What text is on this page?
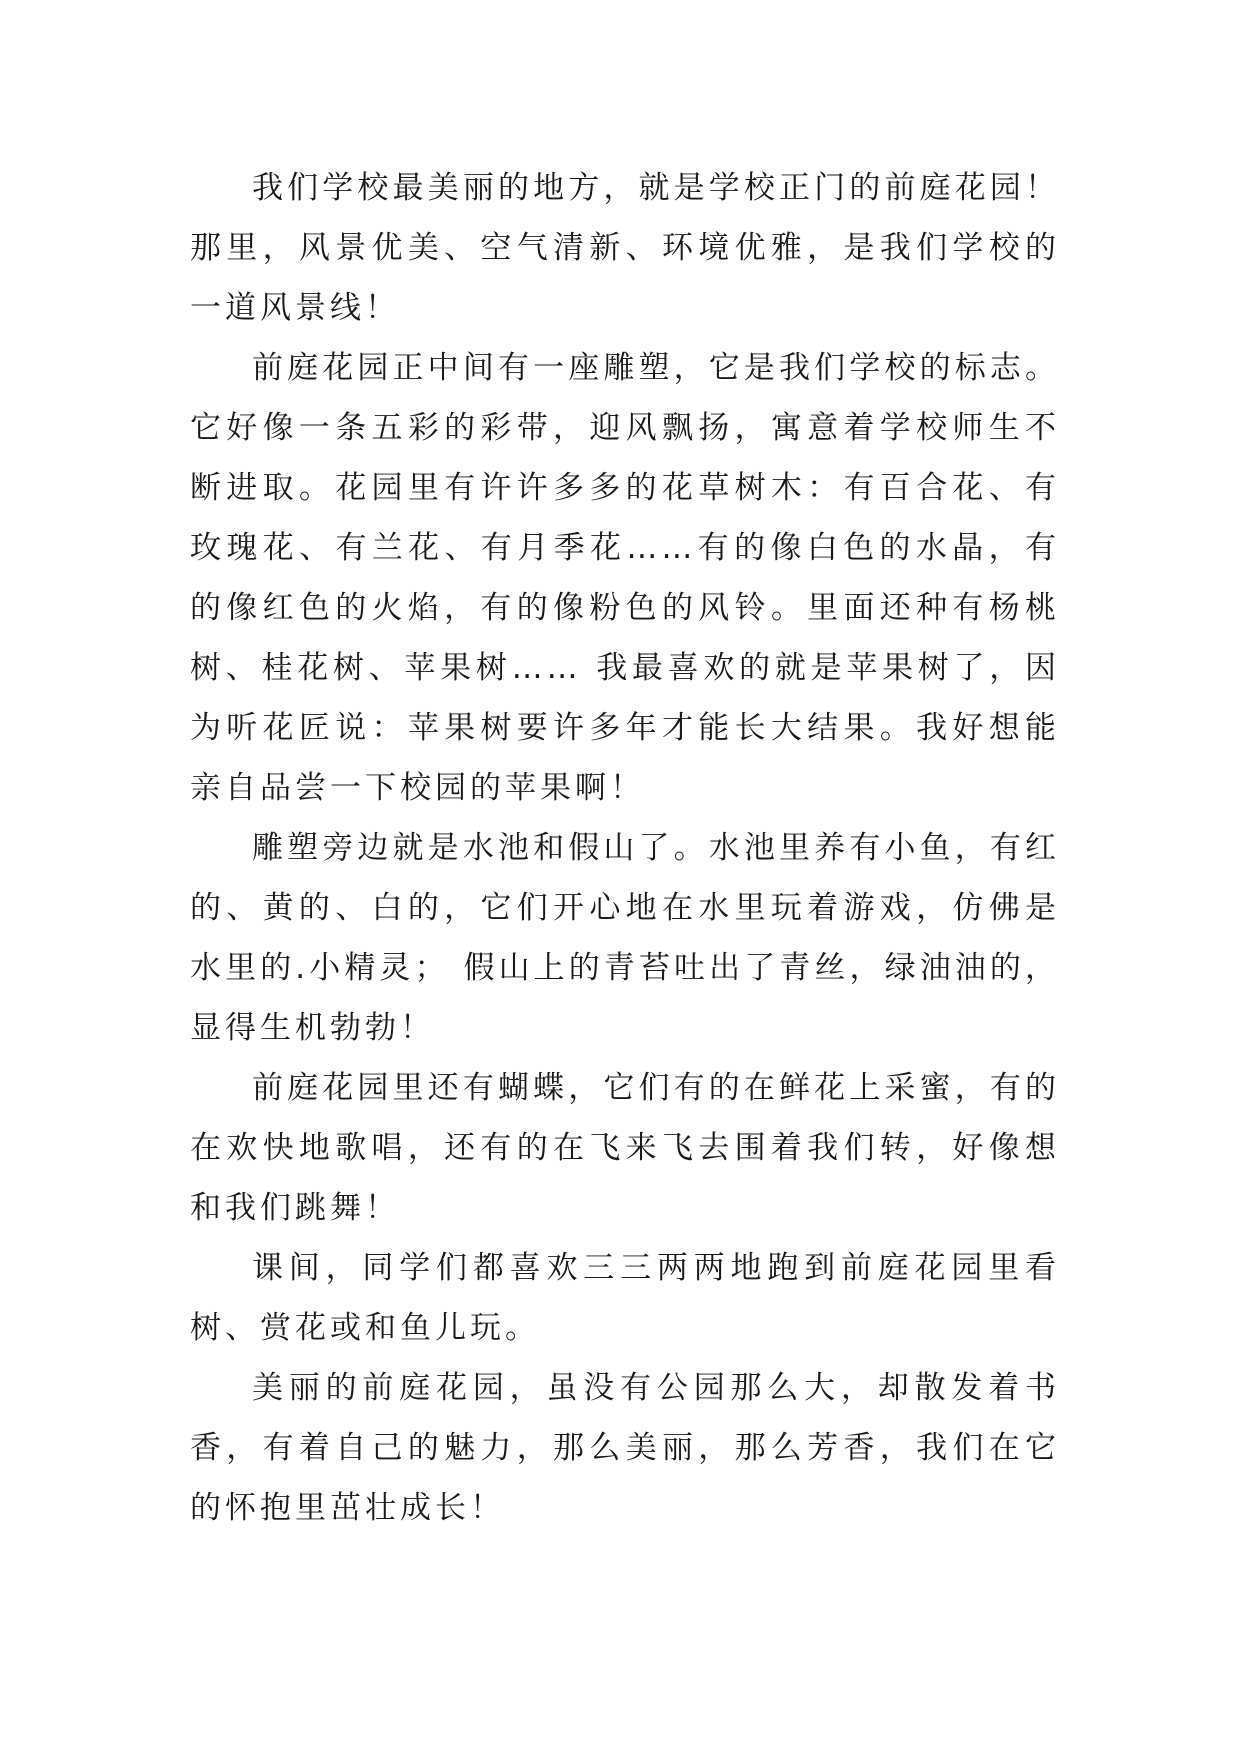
我们学校最美丽的地方，就是学校正门的前庭花园！那里，风景优美、空气清新、环境优雅，是我们学校的一道风景线！

前庭花园正中间有一座雕塑，它是我们学校的标志。它好像一条五彩的彩带，迎风飘扬，寓意着学校师生不断进取。花园里有许许多多的花草树木：有百合花、有玫瑰花、有兰花、有月季花……有的像白色的水晶，有的像红色的火焰，有的像粉色的风铃。里面还种有杨桃树、桂花树、苹果树…… 我最喜欢的就是苹果树了，因为听花匠说：苹果树要许多年才能长大结果。我好想能亲自品尝一下校园的苹果啊！

雕塑旁边就是水池和假山了。水池里养有小鱼，有红的、黄的、白的，它们开心地在水里玩着游戏，仿佛是水里的.小精灵； 假山上的青苔吐出了青丝，绿油油的，显得生机勃勃！

前庭花园里还有蝴蝶，它们有的在鲜花上采蜜，有的在欢快地歌唱，还有的在飞来飞去围着我们转，好像想和我们跳舞！

课间，同学们都喜欢三三两两地跑到前庭花园里看树、赏花或和鱼儿玩。

美丽的前庭花园，虽没有公园那么大，却散发着书香，有着自己的魅力，那么美丽，那么芳香，我们在它的怀抱里茁壮成长！
